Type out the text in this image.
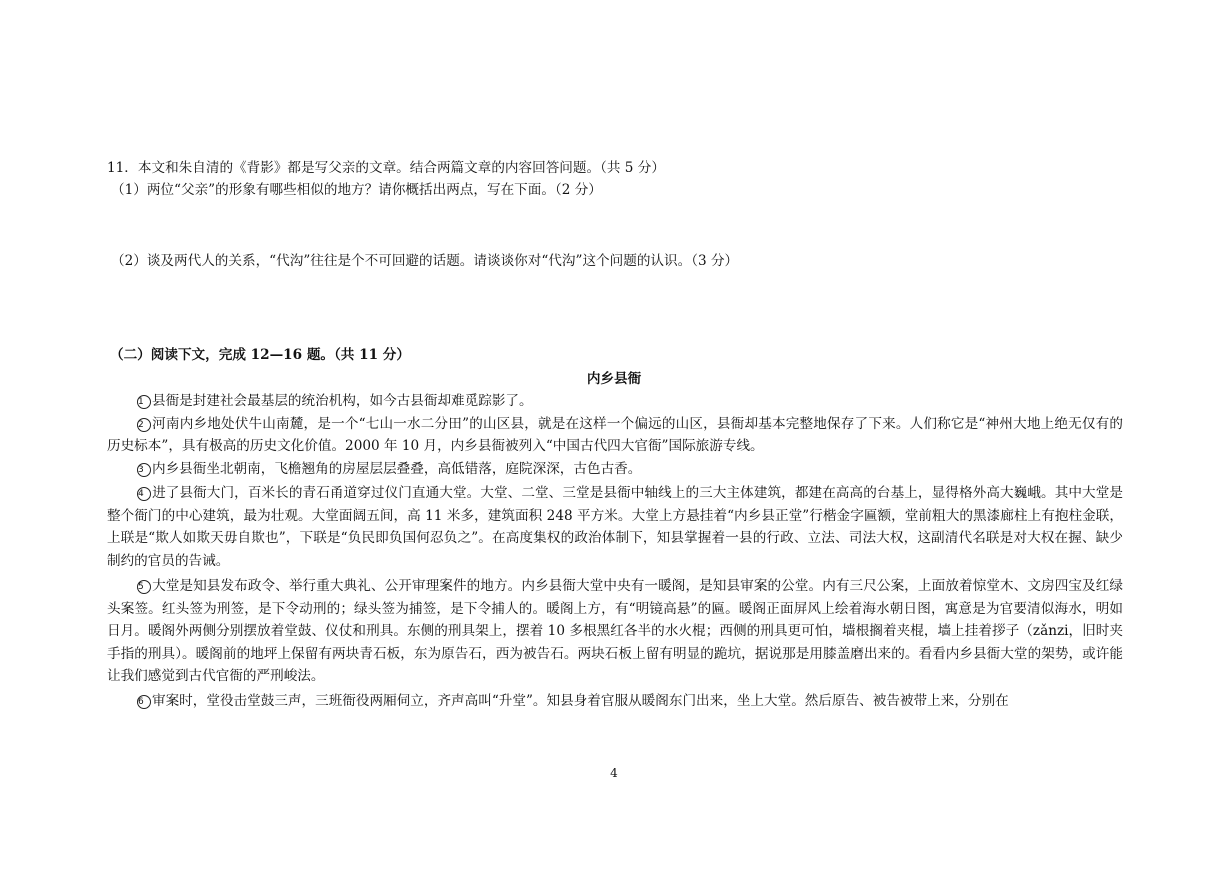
11．本文和朱自清的《背影》都是写父亲的文章。结合两篇文章的内容回答问题。（共 5 分）
（1）两位“父亲”的形象有哪些相似的地方？请你概括出两点，写在下面。（2 分）
（2）谈及两代人的关系，“代沟”往往是个不可回避的话题。请谈谈你对“代沟”这个问题的认识。（3 分）
（二）阅读下文，完成 12—16 题。（共 11 分）
内乡县衙
1 县衙是封建社会最基层的统治机构，如今古县衙却难觅踪影了。
2 河南内乡地处伏牛山南麓，是一个“七山一水二分田”的山区县，就是在这样一个偏远的山区，县衙却基本完整地保存了下来。人们称它是“神州大地上绝无仅有的历史标本”，具有极高的历史文化价值。2000 年 10 月，内乡县衙被列入“中国古代四大官衙”国际旅游专线。
3 内乡县衙坐北朝南，飞檐翘角的房屋层层叠叠，高低错落，庭院深深，古色古香。
4 进了县衙大门，百米长的青石甬道穿过仪门直通大堂。大堂、二堂、三堂是县衙中轴线上的三大主体建筑，都建在高高的台基上，显得格外高大巍峨。其中大堂是整个衙门的中心建筑，最为壮观。大堂面阔五间，高 11 米多，建筑面积 248 平方米。大堂上方悬挂着“内乡县正堂”行楷金字匾额，堂前粗大的黑漆廊柱上有抱柱金联，上联是“欺人如欺天毋自欺也”，下联是“负民即负国何忍负之”。在高度集权的政治体制下，知县掌握着一县的行政、立法、司法大权，这副清代名联是对大权在握、缺少制约的官员的告诫。
5 大堂是知县发布政令、举行重大典礼、公开审理案件的地方。内乡县衙大堂中央有一暖阁，是知县审案的公堂。内有三尺公案，上面放着惊堂木、文房四宝及红绿头案签。红头签为刑签，是下令动刑的；绿头签为捕签，是下令捕人的。暖阁上方，有“明镜高悬”的匾。暖阁正面屏风上绘着海水朝日图，寓意是为官要清似海水，明如日月。暖阁外两侧分别摆放着堂鼓、仪仗和刑具。东侧的刑具架上，摆着 10 多根黑红各半的水火棍；西侧的刑具更可怕，墙根搁着夹棍，墙上挂着拶子（zǎnzi，旧时夹手指的刑具）。暖阁前的地坪上保留有两块青石板，东为原告石，西为被告石。两块石板上留有明显的跪坑，据说那是用膝盖磨出来的。看看内乡县衙大堂的架势，或许能让我们感觉到古代官衙的严刑峻法。
6 审案时，堂役击堂鼓三声，三班衙役两厢伺立，齐声高叫“升堂”。知县身着官服从暖阁东门出来，坐上大堂。然后原告、被告被带上来，分别在
4
